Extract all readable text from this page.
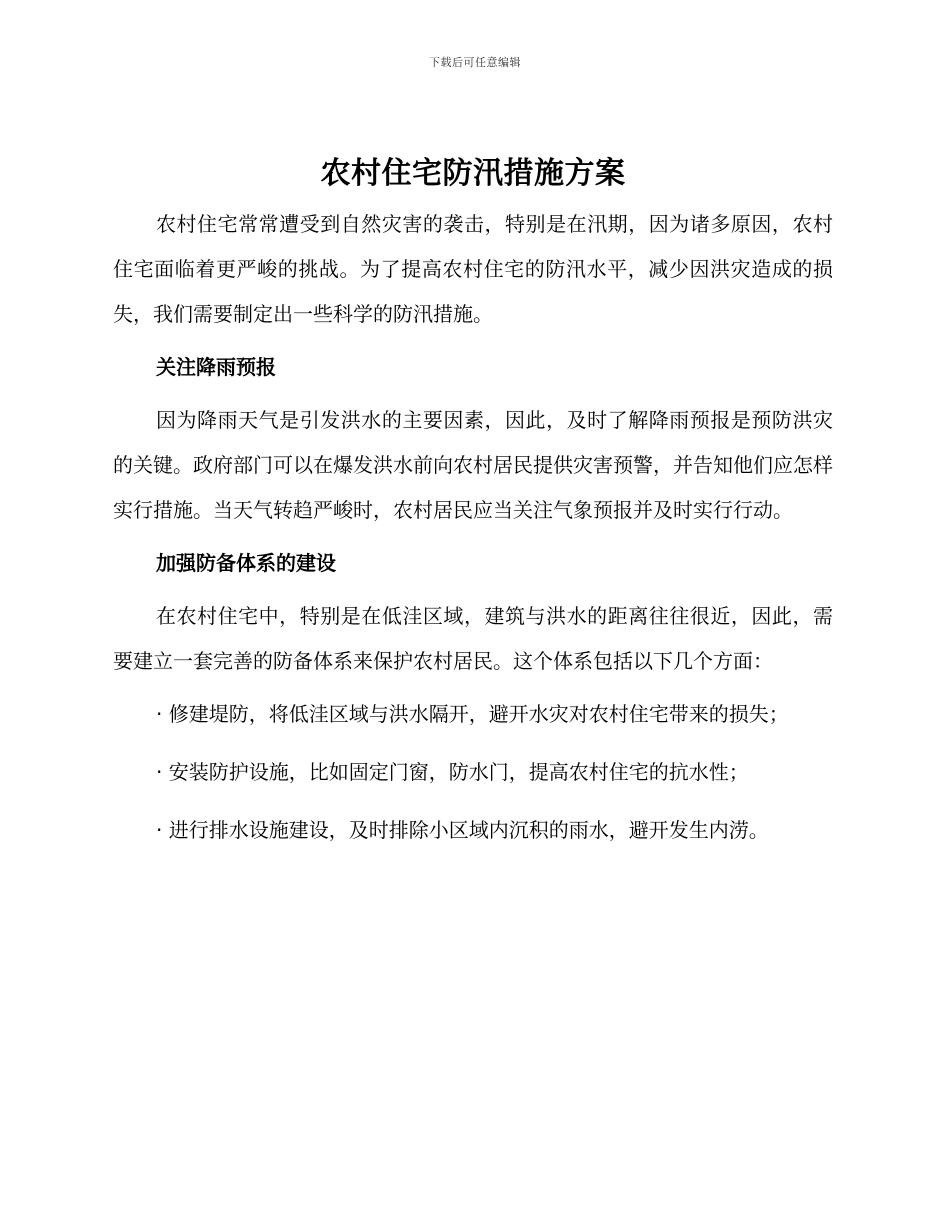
下载后可任意编辑
农村住宅防汛措施方案

农村住宅常常遭受到自然灾害的袭击，特别是在汛期，因为诸多原因，农村住宅面临着更严峻的挑战。为了提高农村住宅的防汛水平，减少因洪灾造成的损失，我们需要制定出一些科学的防汛措施。

关注降雨预报

因为降雨天气是引发洪水的主要因素，因此，及时了解降雨预报是预防洪灾的关键。政府部门可以在爆发洪水前向农村居民提供灾害预警，并告知他们应怎样实行措施。当天气转趋严峻时，农村居民应当关注气象预报并及时实行行动。

加强防备体系的建设

在农村住宅中，特别是在低洼区域，建筑与洪水的距离往往很近，因此，需要建立一套完善的防备体系来保护农村居民。这个体系包括以下几个方面：

· 修建堤防，将低洼区域与洪水隔开，避开水灾对农村住宅带来的损失；
· 安装防护设施，比如固定门窗，防水门，提高农村住宅的抗水性；
· 进行排水设施建设，及时排除小区域内沉积的雨水，避开发生内涝。
